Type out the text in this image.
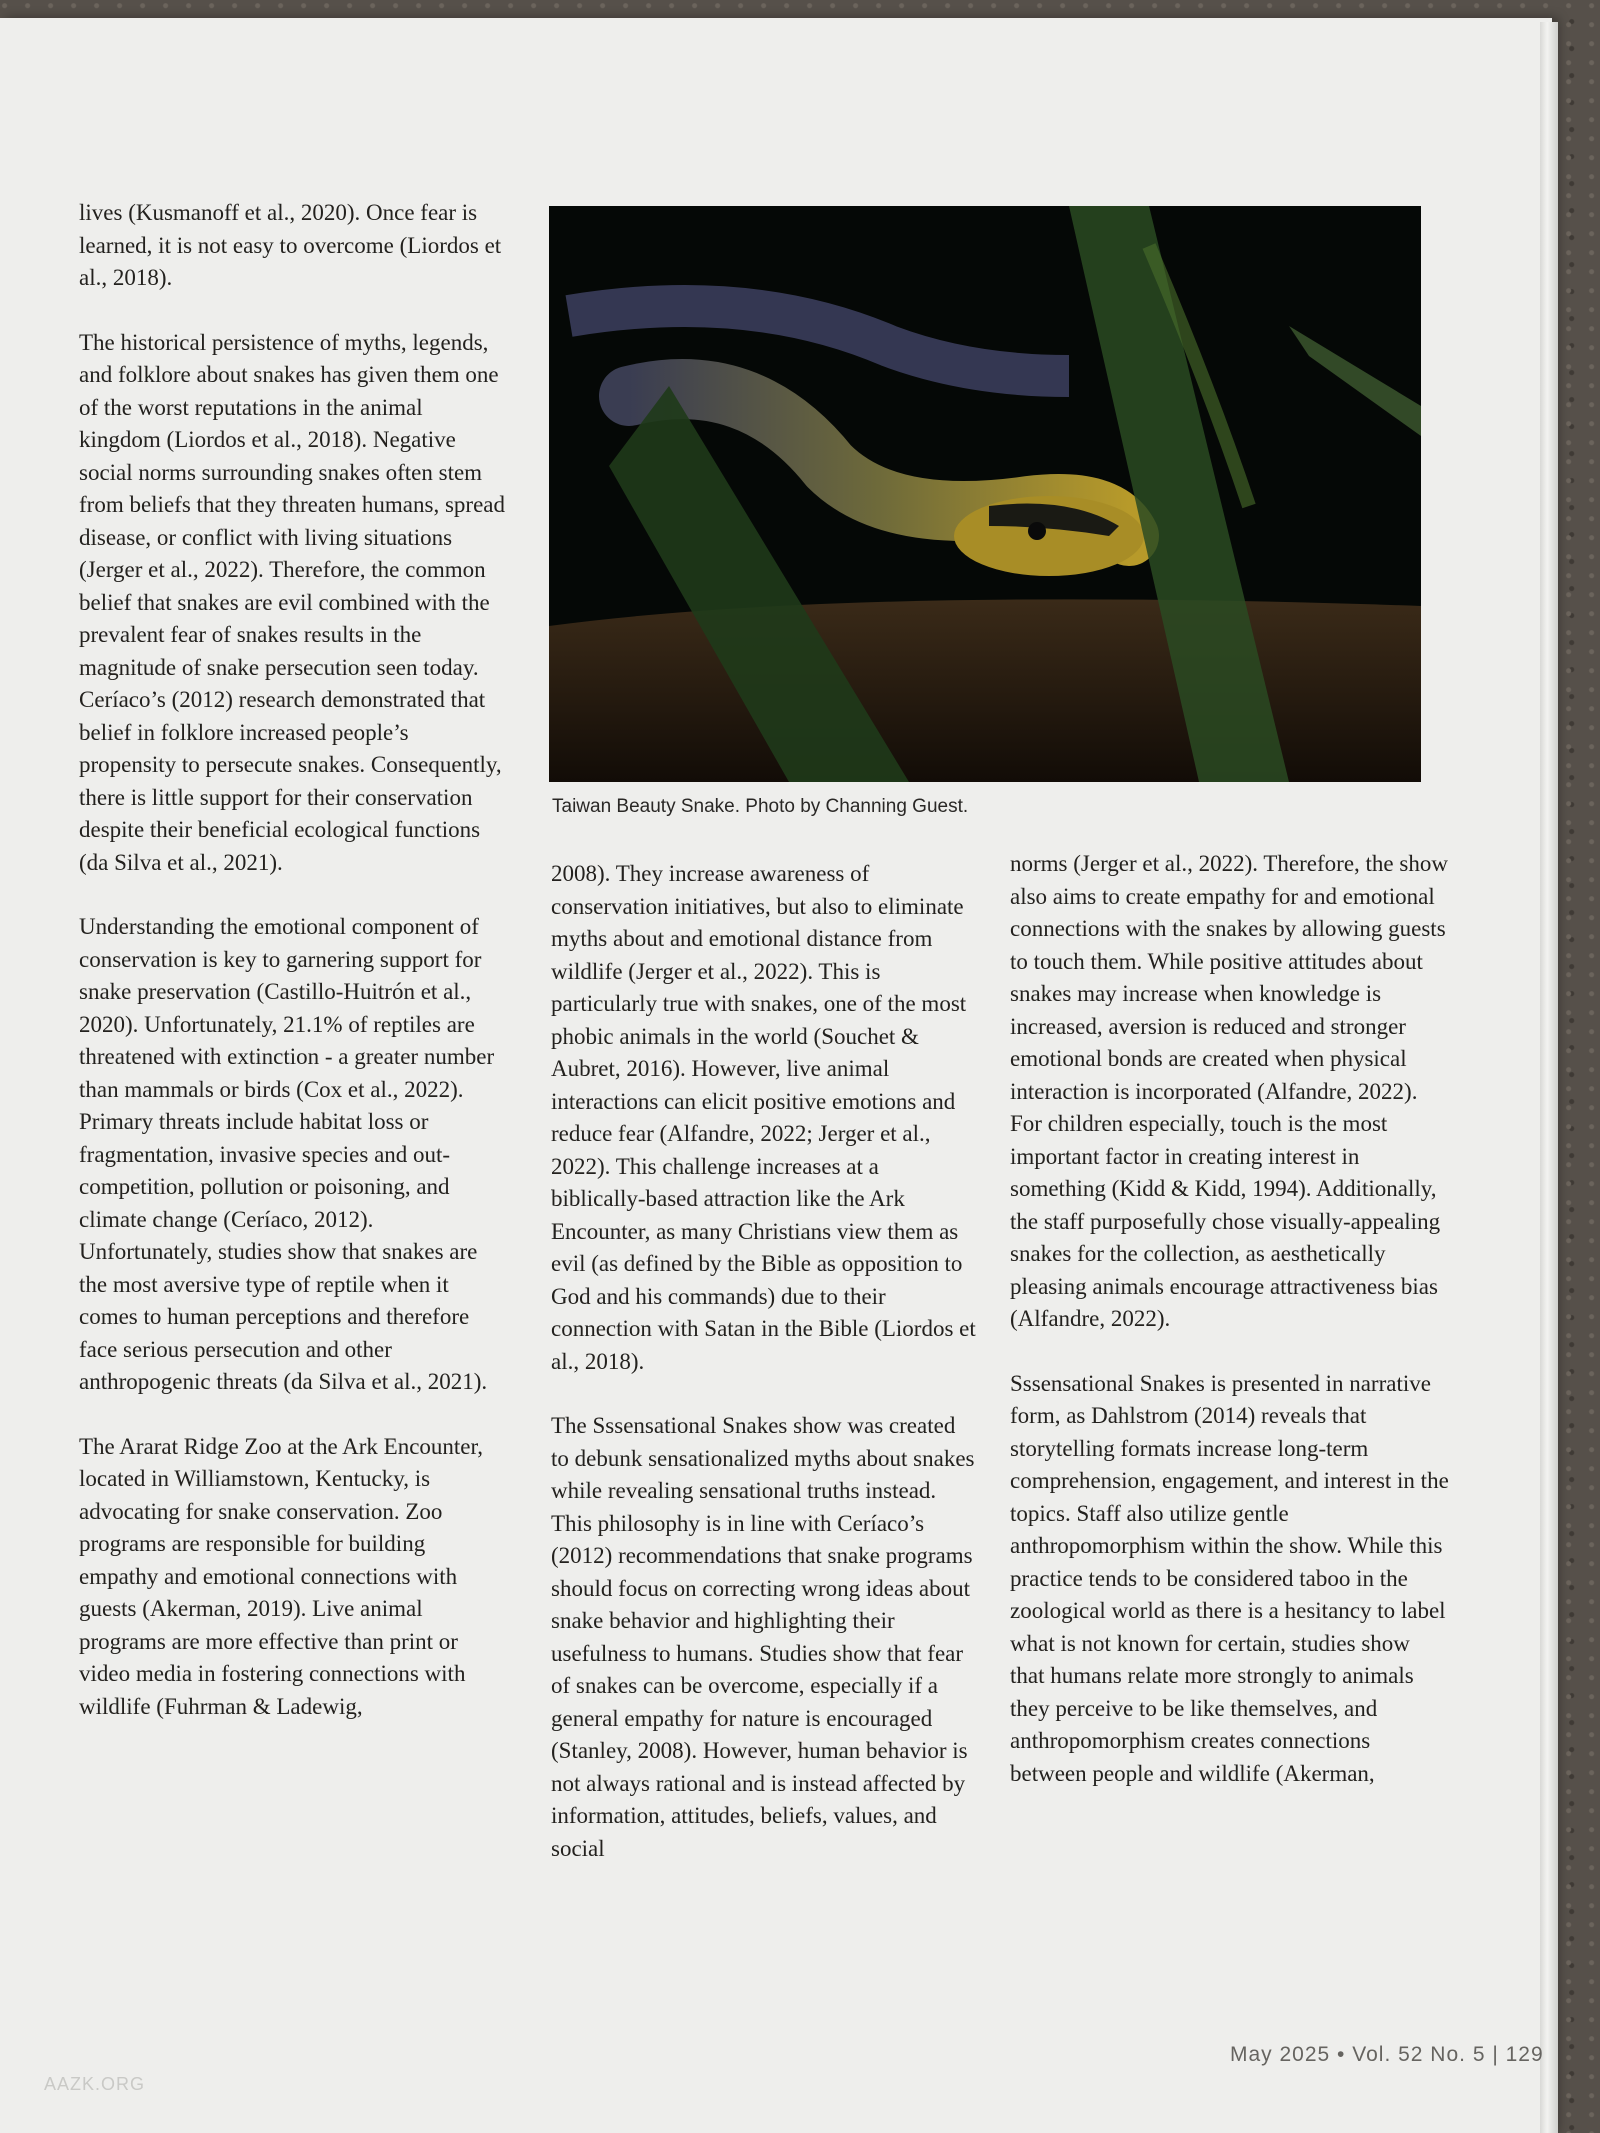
lives (Kusmanoff et al., 2020). Once fear is learned, it is not easy to overcome (Liordos et al., 2018).

The historical persistence of myths, legends, and folklore about snakes has given them one of the worst reputations in the animal kingdom (Liordos et al., 2018). Negative social norms surrounding snakes often stem from beliefs that they threaten humans, spread disease, or conflict with living situations (Jerger et al., 2022). Therefore, the common belief that snakes are evil combined with the prevalent fear of snakes results in the magnitude of snake persecution seen today. Ceríaco’s (2012) research demonstrated that belief in folklore increased people’s propensity to persecute snakes. Consequently, there is little support for their conservation despite their beneficial ecological functions (da Silva et al., 2021).

Understanding the emotional component of conservation is key to garnering support for snake preservation (Castillo-Huitrón et al., 2020). Unfortunately, 21.1% of reptiles are threatened with extinction - a greater number than mammals or birds (Cox et al., 2022). Primary threats include habitat loss or fragmentation, invasive species and out-competition, pollution or poisoning, and climate change (Ceríaco, 2012). Unfortunately, studies show that snakes are the most aversive type of reptile when it comes to human perceptions and therefore face serious persecution and other anthropogenic threats (da Silva et al., 2021).

The Ararat Ridge Zoo at the Ark Encounter, located in Williamstown, Kentucky, is advocating for snake conservation. Zoo programs are responsible for building empathy and emotional connections with guests (Akerman, 2019). Live animal programs are more effective than print or video media in fostering connections with wildlife (Fuhrman & Ladewig,

Taiwan Beauty Snake. Photo by Channing Guest.

2008). They increase awareness of conservation initiatives, but also to eliminate myths about and emotional distance from wildlife (Jerger et al., 2022). This is particularly true with snakes, one of the most phobic animals in the world (Souchet & Aubret, 2016). However, live animal interactions can elicit positive emotions and reduce fear (Alfandre, 2022; Jerger et al., 2022). This challenge increases at a biblically-based attraction like the Ark Encounter, as many Christians view them as evil (as defined by the Bible as opposition to God and his commands) due to their connection with Satan in the Bible (Liordos et al., 2018).

The Sssensational Snakes show was created to debunk sensationalized myths about snakes while revealing sensational truths instead. This philosophy is in line with Ceríaco’s (2012) recommendations that snake programs should focus on correcting wrong ideas about snake behavior and highlighting their usefulness to humans. Studies show that fear of snakes can be overcome, especially if a general empathy for nature is encouraged (Stanley, 2008). However, human behavior is not always rational and is instead affected by information, attitudes, beliefs, values, and social

norms (Jerger et al., 2022). Therefore, the show also aims to create empathy for and emotional connections with the snakes by allowing guests to touch them. While positive attitudes about snakes may increase when knowledge is increased, aversion is reduced and stronger emotional bonds are created when physical interaction is incorporated (Alfandre, 2022). For children especially, touch is the most important factor in creating interest in something (Kidd & Kidd, 1994). Additionally, the staff purposefully chose visually-appealing snakes for the collection, as aesthetically pleasing animals encourage attractiveness bias (Alfandre, 2022).

Sssensational Snakes is presented in narrative form, as Dahlstrom (2014) reveals that storytelling formats increase long-term comprehension, engagement, and interest in the topics. Staff also utilize gentle anthropomorphism within the show. While this practice tends to be considered taboo in the zoological world as there is a hesitancy to label what is not known for certain, studies show that humans relate more strongly to animals they perceive to be like themselves, and anthropomorphism creates connections between people and wildlife (Akerman,

May 2025 • Vol. 52 No. 5 | 129
AAZK.ORG
